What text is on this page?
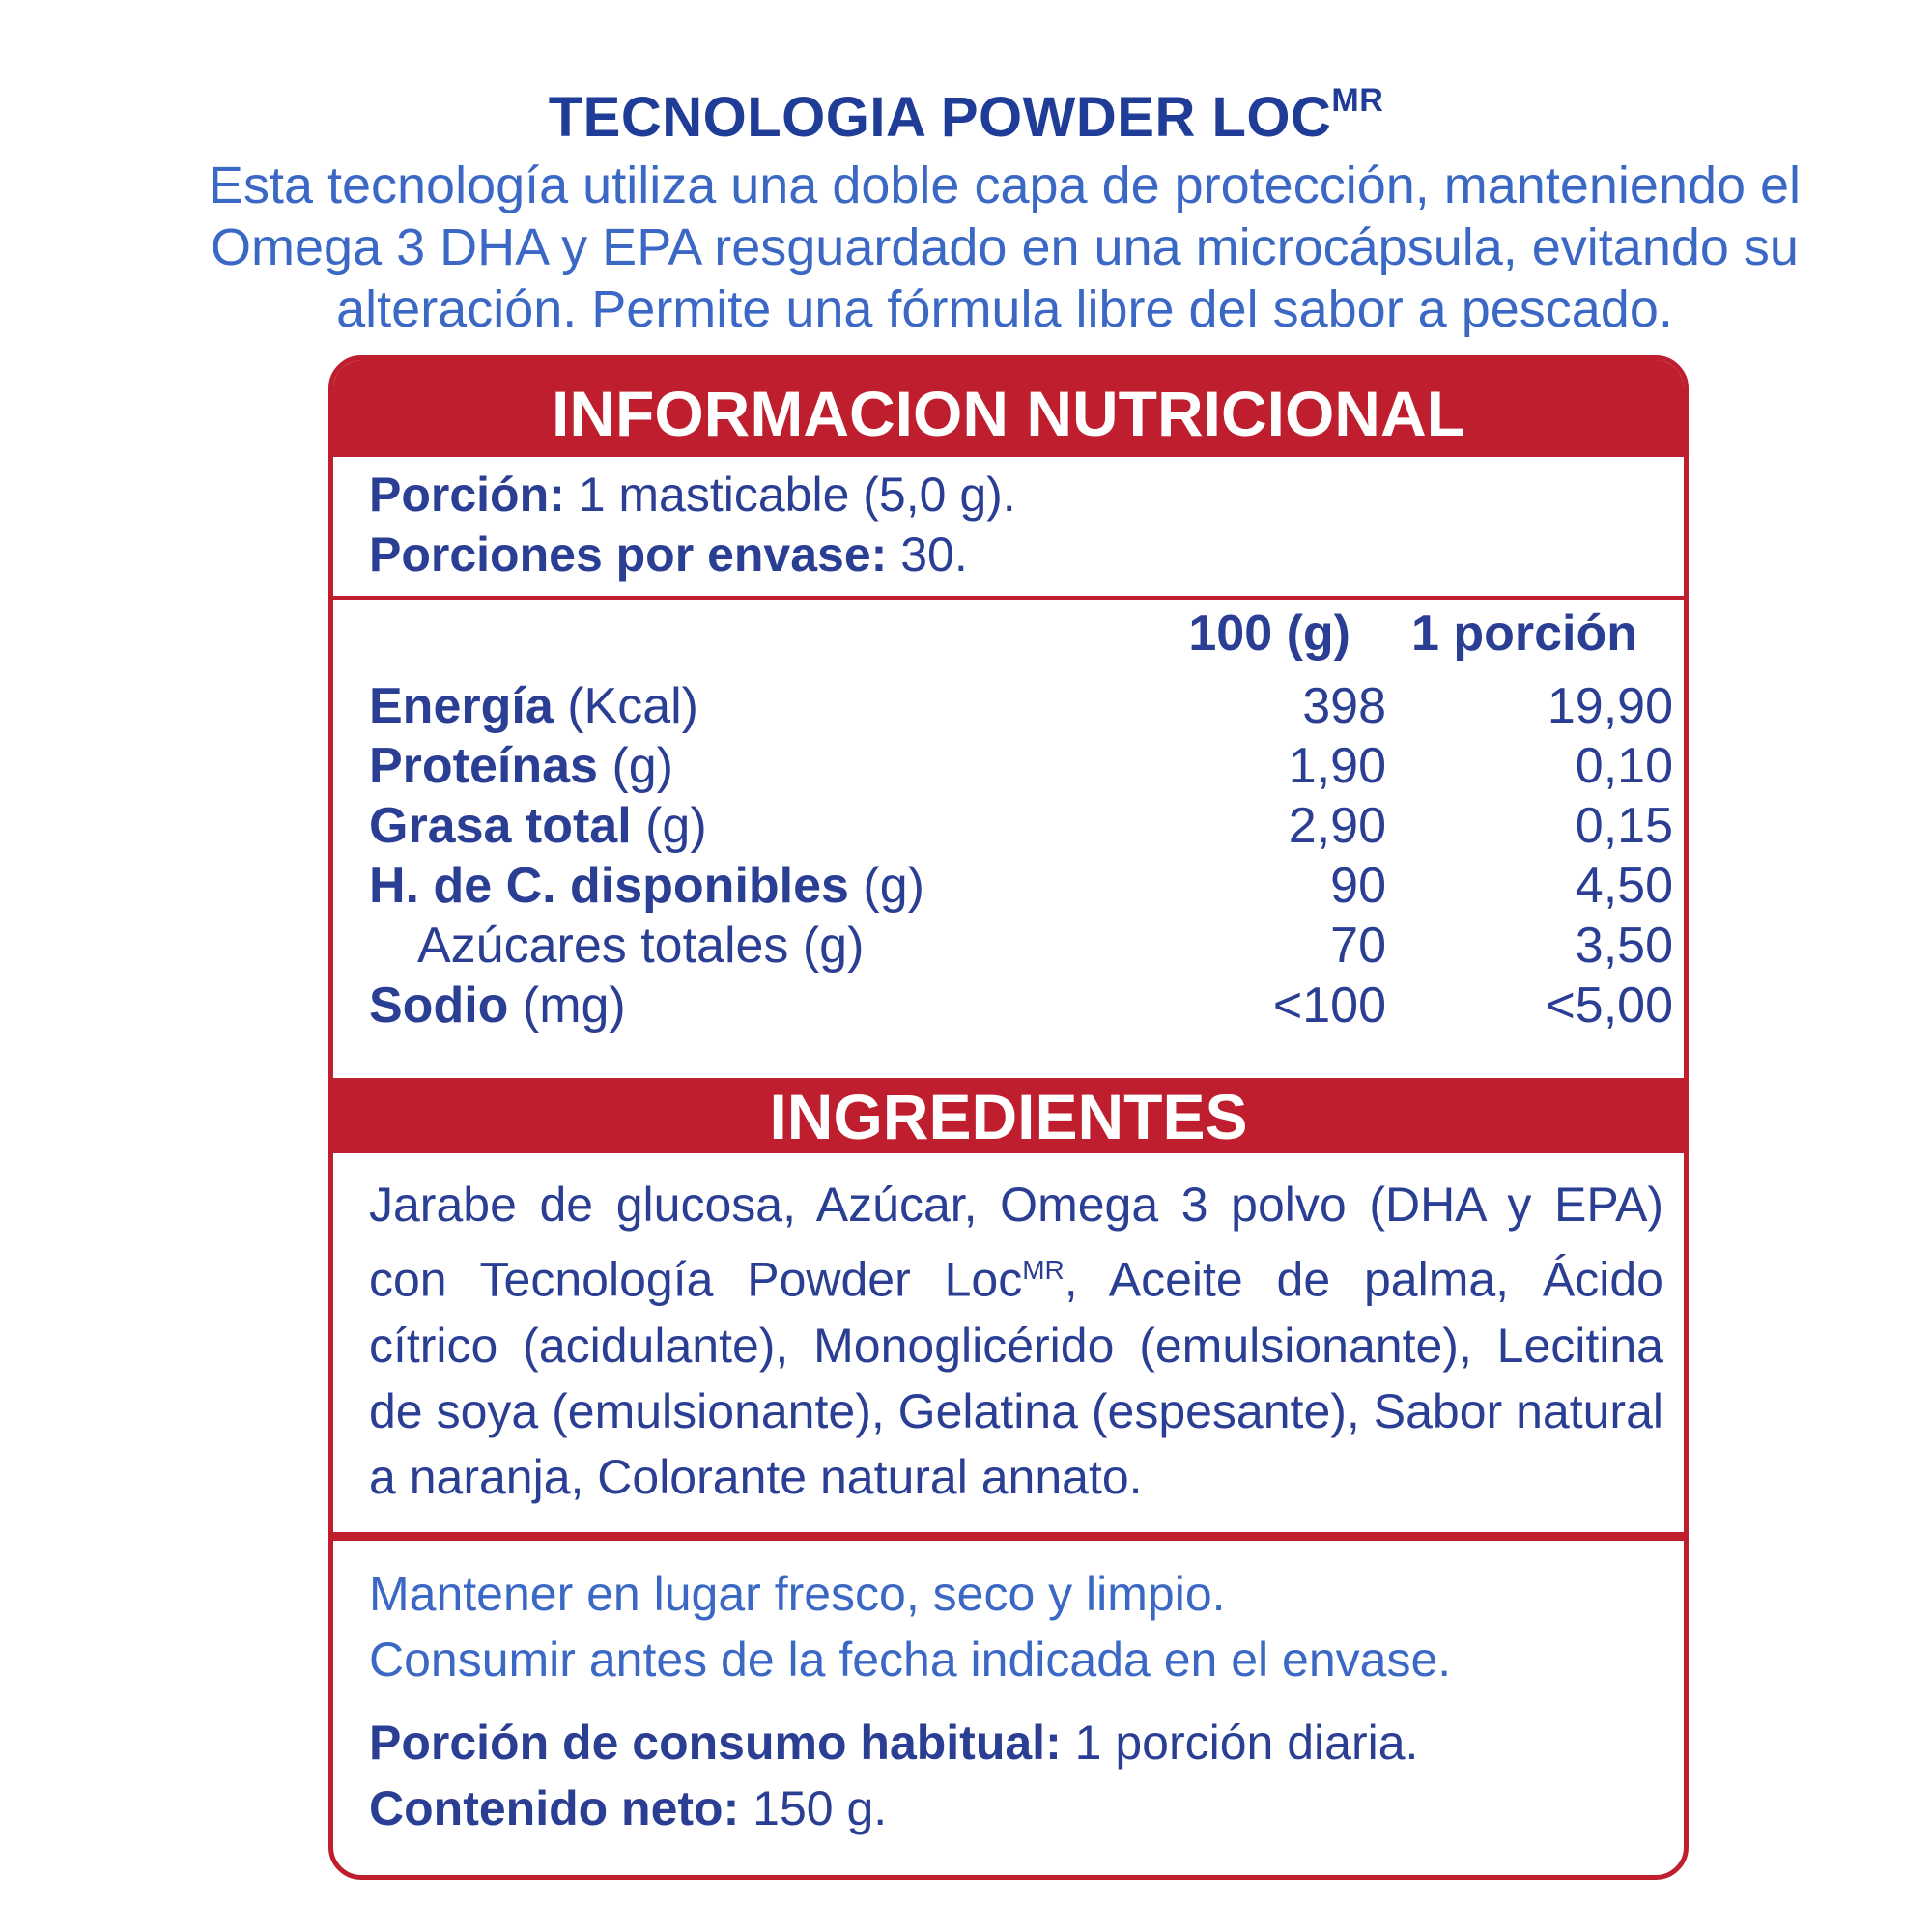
TECNOLOGIA POWDER $LOC^{MR}$
Esta tecnología utiliza una doble capa de protección, manteniendo el Omega 3 DHA y EPA resguardado en una microcápsula, evitando su alteración. Permite una fórmula libre del sabor a pescado.
INFORMACION NUTRICIONAL
Porción: 1 masticable (5,0 g).
Porciones por envase: 30.
100 (g) 1 porción
Energía (Kcal)	398	19,90
Proteínas (g)	1,90	0,10
Grasa total (g)	2,90	0,15
H. de C. disponibles (g)	90	4,50
Azúcares totales (g)	70	3,50
Sodio (mg)	<100	<5,00
INGREDIENTES
Jarabe de glucosa, Azúcar, Omega 3 polvo (DHA y EPA) con Tecnología Powder Loc$^{MR}$, Aceite de palma, Ácido cítrico (acidulante), Monoglicérido (emulsionante), Lecitina de soya (emulsionante), Gelatina (espesante), Sabor natural a naranja, Colorante natural annato.
Mantener en lugar fresco, seco y limpio.
Consumir antes de la fecha indicada en el envase.
Porción de consumo habitual: 1 porción diaria.
Contenido neto: 150 g.
